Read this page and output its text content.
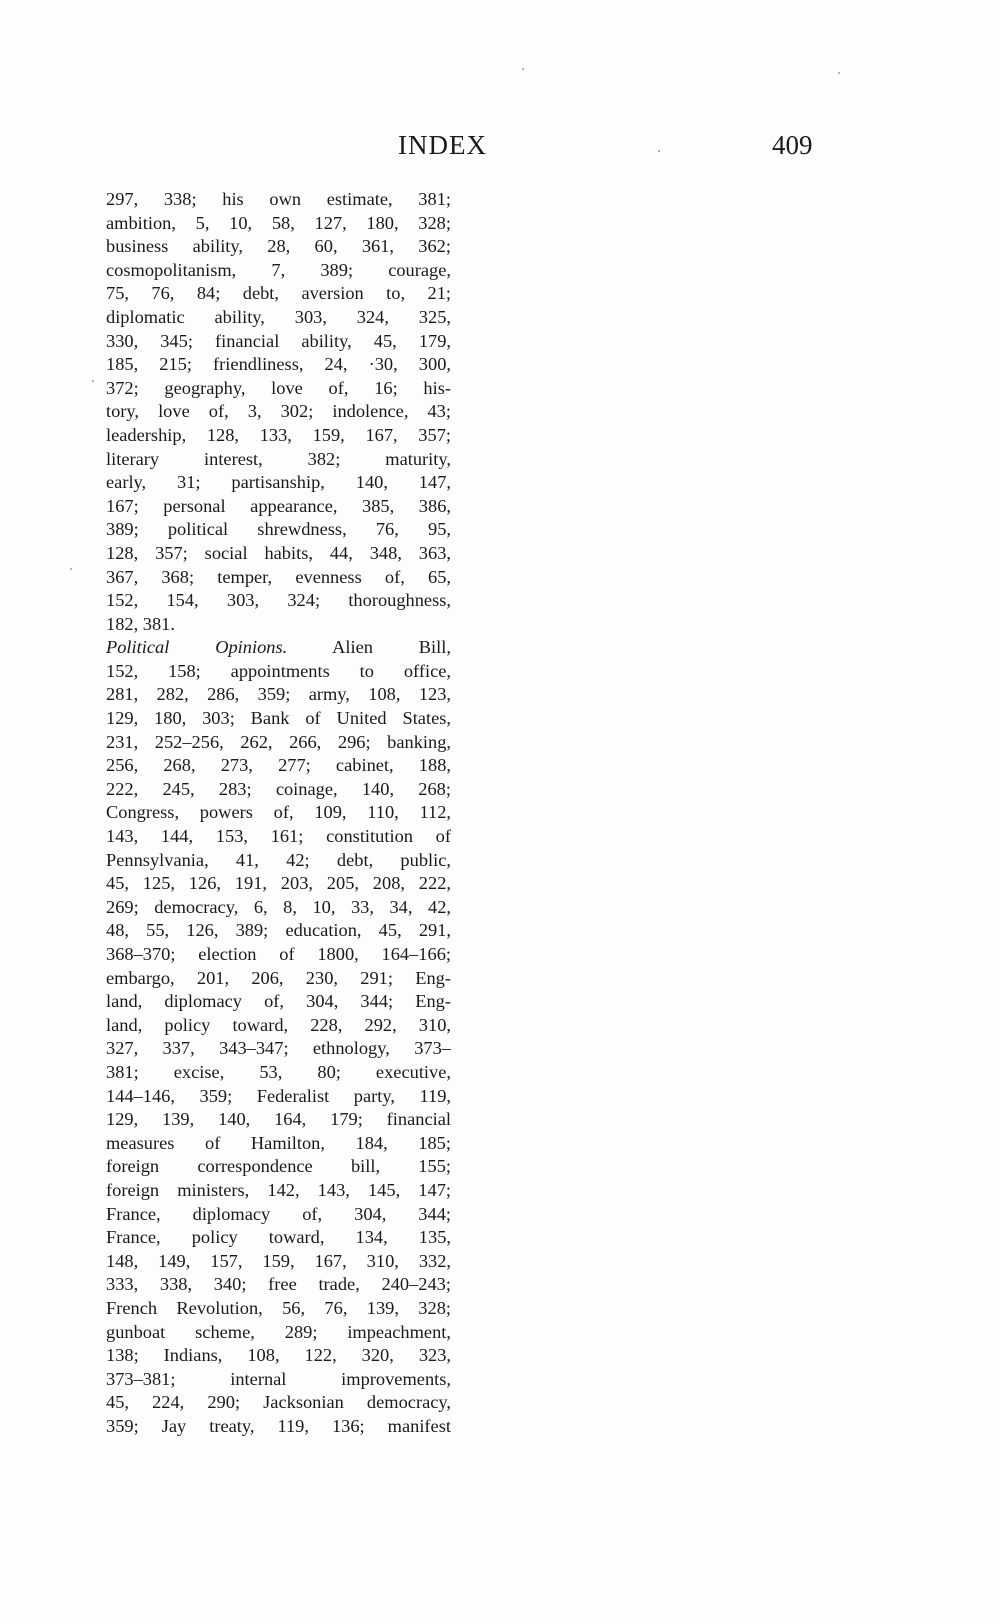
INDEX	409
297, 338; his own estimate, 381;
ambition, 5, 10, 58, 127, 180, 328;
business ability, 28, 60, 361, 362;
cosmopolitanism, 7, 389; courage,
75, 76, 84; debt, aversion to, 21;
diplomatic ability, 303, 324, 325,
330, 345; financial ability, 45, 179,
185, 215; friendliness, 24, ·30, 300,
372; geography, love of, 16; his-
tory, love of, 3, 302; indolence, 43;
leadership, 128, 133, 159, 167, 357;
literary interest, 382; maturity,
early, 31; partisanship, 140, 147,
167; personal appearance, 385, 386,
389; political shrewdness, 76, 95,
128, 357; social habits, 44, 348, 363,
367, 368; temper, evenness of, 65,
152, 154, 303, 324; thoroughness,
182, 381.
Political Opinions. Alien Bill,
152, 158; appointments to office,
281, 282, 286, 359; army, 108, 123,
129, 180, 303; Bank of United States,
231, 252–256, 262, 266, 296; banking,
256, 268, 273, 277; cabinet, 188,
222, 245, 283; coinage, 140, 268;
Congress, powers of, 109, 110, 112,
143, 144, 153, 161; constitution of
Pennsylvania, 41, 42; debt, public,
45, 125, 126, 191, 203, 205, 208, 222,
269; democracy, 6, 8, 10, 33, 34, 42,
48, 55, 126, 389; education, 45, 291,
368–370; election of 1800, 164–166;
embargo, 201, 206, 230, 291; Eng-
land, diplomacy of, 304, 344; Eng-
land, policy toward, 228, 292, 310,
327, 337, 343–347; ethnology, 373–
381; excise, 53, 80; executive,
144–146, 359; Federalist party, 119,
129, 139, 140, 164, 179; financial
measures of Hamilton, 184, 185;
foreign correspondence bill, 155;
foreign ministers, 142, 143, 145, 147;
France, diplomacy of, 304, 344;
France, policy toward, 134, 135,
148, 149, 157, 159, 167, 310, 332,
333, 338, 340; free trade, 240–243;
French Revolution, 56, 76, 139, 328;
gunboat scheme, 289; impeachment,
138; Indians, 108, 122, 320, 323,
373–381; internal improvements,
45, 224, 290; Jacksonian democracy,
359; Jay treaty, 119, 136; manifest
